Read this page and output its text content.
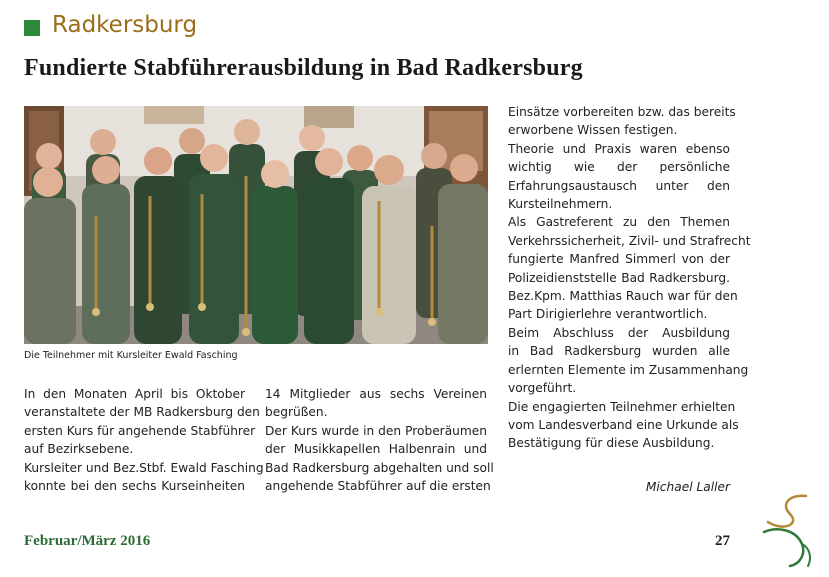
Radkersburg
Fundierte Stabführerausbildung in Bad Radkersburg
Die Teilnehmer mit Kursleiter Ewald Fasching
In den Monaten April bis Oktober
veranstaltete der MB Radkersburg den
ersten Kurs für angehende Stabführer
auf Bezirksebene.
Kursleiter und Bez.Stbf. Ewald Fasching
konnte bei den sechs Kurseinheiten
14 Mitglieder aus sechs Vereinen
begrüßen.
Der Kurs wurde in den Proberäumen
der Musikkapellen Halbenrain und
Bad Radkersburg abgehalten und soll
angehende Stabführer auf die ersten
Einsätze vorbereiten bzw. das bereits
erworbene Wissen festigen.
Theorie und Praxis waren ebenso
wichtig wie der persönliche
Erfahrungsaustausch unter den
Kursteilnehmern.
Als Gastreferent zu den Themen
Verkehrssicherheit, Zivil- und Strafrecht
fungierte Manfred Simmerl von der
Polizeidienststelle Bad Radkersburg.
Bez.Kpm. Matthias Rauch war für den
Part Dirigierlehre verantwortlich.
Beim Abschluss der Ausbildung
in Bad Radkersburg wurden alle
erlernten Elemente im Zusammenhang
vorgeführt.
Die engagierten Teilnehmer erhielten
vom Landesverband eine Urkunde als
Bestätigung für diese Ausbildung.
Michael Laller
Februar/März 2016	27
